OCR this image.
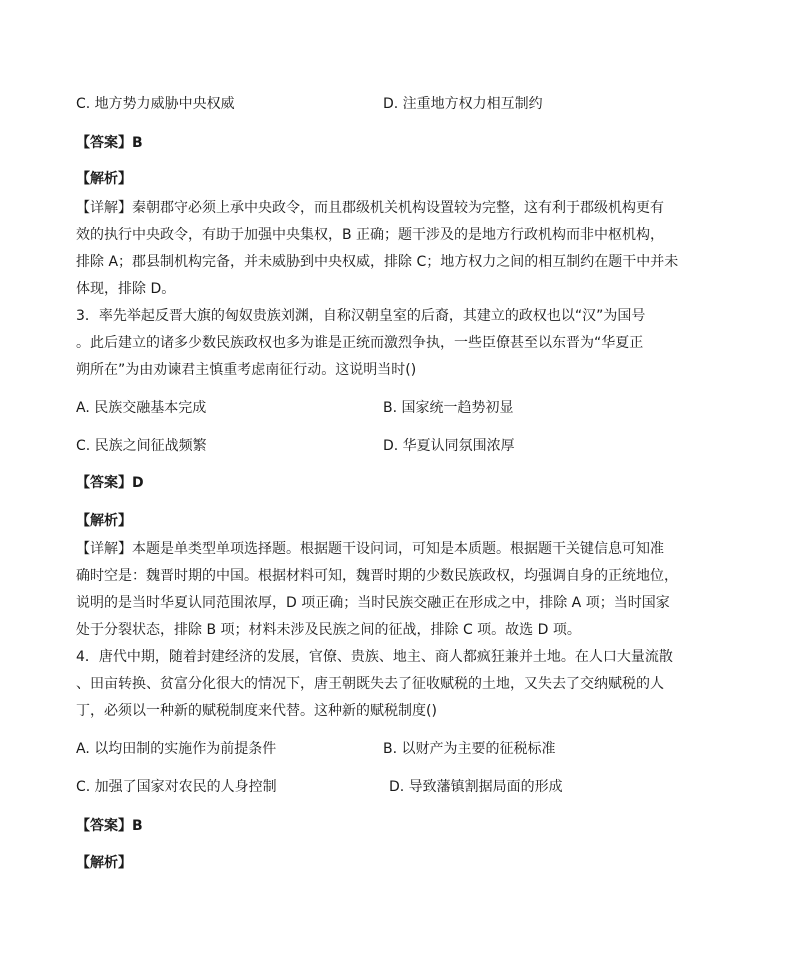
C. 地方势力威胁中央权威	D. 注重地方权力相互制约
【答案】B
【解析】
【详解】秦朝郡守必须上承中央政令，而且郡级机关机构设置较为完整，这有利于郡级机构更有
效的执行中央政令，有助于加强中央集权，B 正确；题干涉及的是地方行政机构而非中枢机构，
排除 A；郡县制机构完备，并未威胁到中央权威，排除 C；地方权力之间的相互制约在题干中并未
体现，排除 D。
3．率先举起反晋大旗的匈奴贵族刘渊，自称汉朝皇室的后裔，其建立的政权也以“汉”为国号
。此后建立的诸多少数民族政权也多为谁是正统而激烈争执，一些臣僚甚至以东晋为“华夏正
朔所在”为由劝谏君主慎重考虑南征行动。这说明当时()
A. 民族交融基本完成	B. 国家统一趋势初显
C. 民族之间征战频繁	D. 华夏认同氛围浓厚
【答案】D
【解析】
【详解】本题是单类型单项选择题。根据题干设问词，可知是本质题。根据题干关键信息可知准
确时空是：魏晋时期的中国。根据材料可知，魏晋时期的少数民族政权，均强调自身的正统地位，
说明的是当时华夏认同范围浓厚，D 项正确；当时民族交融正在形成之中，排除 A 项；当时国家
处于分裂状态，排除 B 项；材料未涉及民族之间的征战，排除 C 项。故选 D 项。
4．唐代中期，随着封建经济的发展，官僚、贵族、地主、商人都疯狂兼并土地。在人口大量流散
、田亩转换、贫富分化很大的情况下，唐王朝既失去了征收赋税的土地，又失去了交纳赋税的人
丁，必须以一种新的赋税制度来代替。这种新的赋税制度()
A. 以均田制的实施作为前提条件	B. 以财产为主要的征税标准
C. 加强了国家对农民的人身控制	D. 导致藩镇割据局面的形成
【答案】B
【解析】
